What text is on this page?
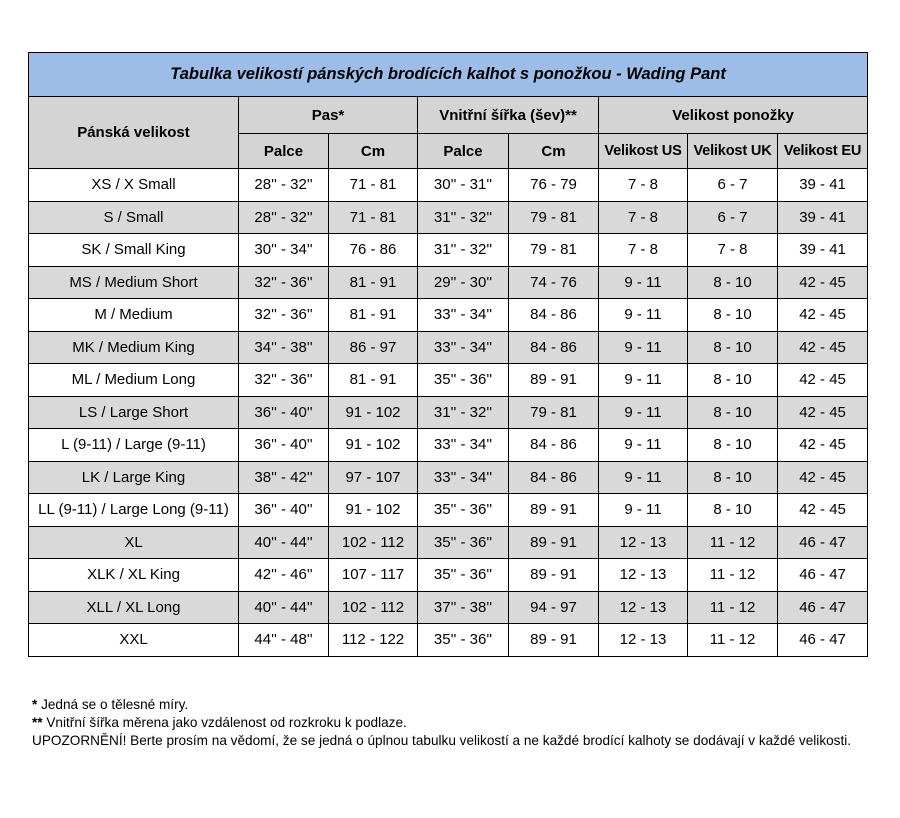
Tabulka velikostí pánských brodících kalhot s ponožkou - Wading Pant							
Pánská velikost	Pas*		Vnitřní šířka (šev)**		Velikost ponožky		
	Palce	Cm	Palce	Cm	Velikost US	Velikost UK	Velikost EU
XS / X Small	28'' - 32''	71 - 81	30'' - 31''	76 - 79	7 - 8	6 - 7	39 - 41
S / Small	28'' - 32''	71 - 81	31'' - 32''	79 - 81	7 - 8	6 - 7	39 - 41
SK / Small King	30'' - 34''	76 - 86	31'' - 32''	79 - 81	7 - 8	7 - 8	39 - 41
MS / Medium Short	32'' - 36''	81 - 91	29'' - 30''	74 - 76	9 - 11	8 - 10	42 - 45
M / Medium	32'' - 36''	81 - 91	33'' - 34''	84 - 86	9 - 11	8 - 10	42 - 45
MK / Medium King	34'' - 38''	86 - 97	33'' - 34''	84 - 86	9 - 11	8 - 10	42 - 45
ML / Medium Long	32'' - 36''	81 - 91	35'' - 36''	89 - 91	9 - 11	8 - 10	42 - 45
LS / Large Short	36'' - 40''	91 - 102	31'' - 32''	79 - 81	9 - 11	8 - 10	42 - 45
L (9-11) / Large (9-11)	36'' - 40''	91 - 102	33'' - 34''	84 - 86	9 - 11	8 - 10	42 - 45
LK / Large King	38'' - 42''	97 - 107	33'' - 34''	84 - 86	9 - 11	8 - 10	42 - 45
LL (9-11) / Large Long (9-11)	36'' - 40''	91 - 102	35'' - 36''	89 - 91	9 - 11	8 - 10	42 - 45
XL	40'' - 44''	102 - 112	35'' - 36''	89 - 91	12 - 13	11 - 12	46 - 47
XLK / XL King	42'' - 46''	107 - 117	35'' - 36''	89 - 91	12 - 13	11 - 12	46 - 47
XLL / XL Long	40'' - 44''	102 - 112	37'' - 38''	94 - 97	12 - 13	11 - 12	46 - 47
XXL	44'' - 48''	112 - 122	35'' - 36''	89 - 91	12 - 13	11 - 12	46 - 47

* Jedná se o tělesné míry.

** Vnitřní šířka měrena jako vzdálenost od rozkroku k podlaze.

UPOZORNĚNÍ! Berte prosím na vědomí, že se jedná o úplnou tabulku velikostí a ne každé brodící kalhoty se dodávají v každé velikosti.
